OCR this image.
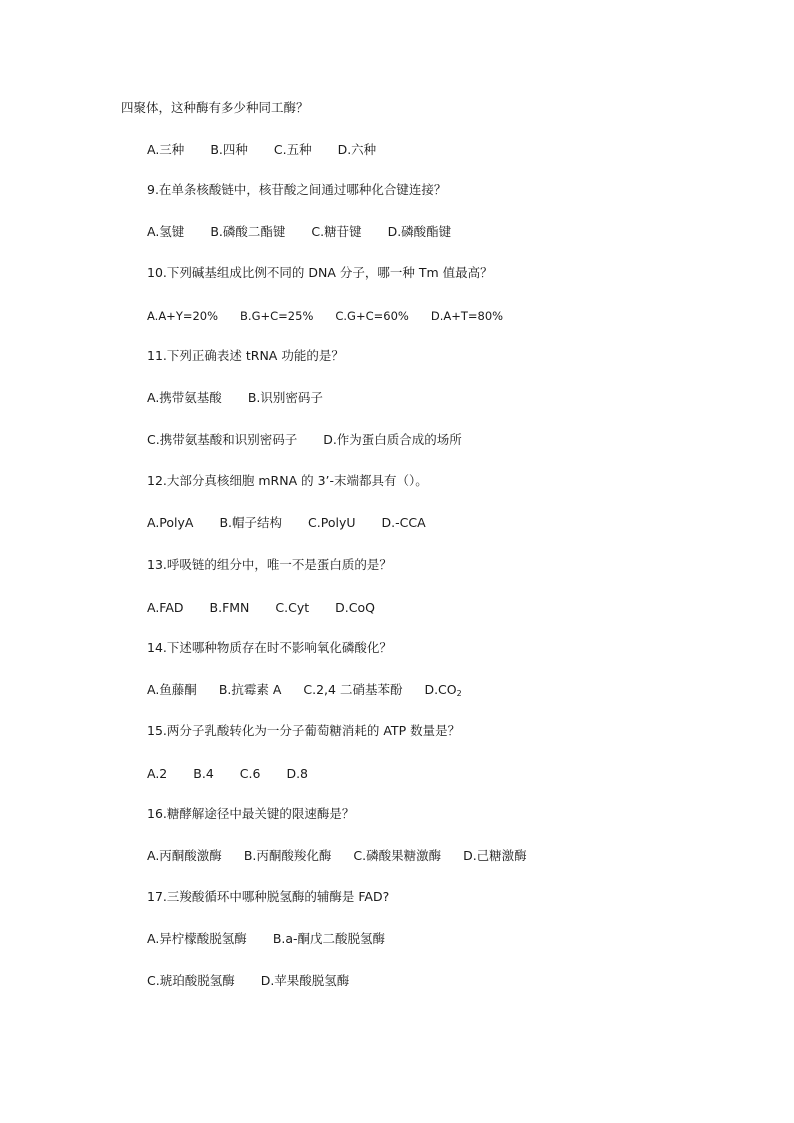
四聚体，这种酶有多少种同工酶？
A.三种 B.四种 C.五种 D.六种
9.在单条核酸链中，核苷酸之间通过哪种化合键连接？
A.氢键 B.磷酸二酯键 C.糖苷键 D.磷酸酯键
10.下列碱基组成比例不同的 DNA 分子，哪一种 Tm 值最高？
A.A+Y=20% B.G+C=25% C.G+C=60% D.A+T=80%
11.下列正确表述 tRNA 功能的是？
A.携带氨基酸 B.识别密码子
C.携带氨基酸和识别密码子 D.作为蛋白质合成的场所
12.大部分真核细胞 mRNA 的 3’-末端都具有（）。
A.PolyA B.帽子结构 C.PolyU D.-CCA
13.呼吸链的组分中，唯一不是蛋白质的是？
A.FAD B.FMN C.Cyt D.CoQ
14.下述哪种物质存在时不影响氧化磷酸化？
A.鱼藤酮 B.抗霉素 A C.2,4 二硝基苯酚 $D.CO_2$
15.两分子乳酸转化为一分子葡萄糖消耗的 ATP 数量是？
A.2 B.4 C.6 D.8
16.糖酵解途径中最关键的限速酶是？
A.丙酮酸激酶 B.丙酮酸羧化酶 C.磷酸果糖激酶 D.己糖激酶
17.三羧酸循环中哪种脱氢酶的辅酶是 FAD?
A.异柠檬酸脱氢酶 B.a-酮戊二酸脱氢酶
C.琥珀酸脱氢酶 D.苹果酸脱氢酶
